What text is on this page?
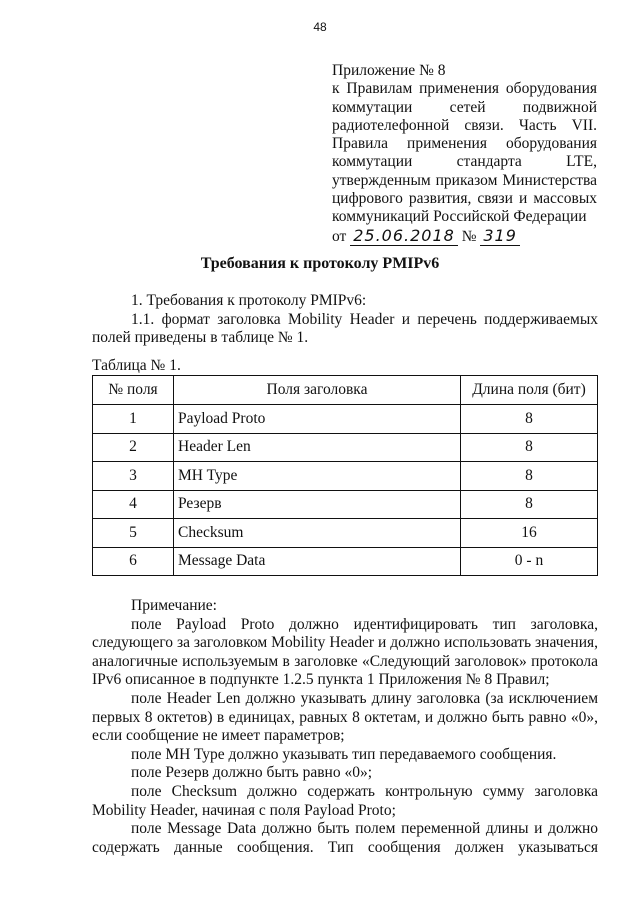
48
Приложение № 8
к Правилам применения оборудования
коммутации сетей подвижной
радиотелефонной связи. Часть VII.
Правила применения оборудования
коммутации стандарта LTE,
утвержденным приказом Министерства
цифрового развития, связи и массовых
коммуникаций Российской Федерации
от 25.06.2018 № 319
Требования к протоколу PMIPv6
1. Требования к протоколу PMIPv6:
1.1. формат заголовка Mobility Header и перечень поддерживаемых полей приведены в таблице № 1.
Таблица № 1.
№ поля	Поля заголовка	Длина поля (бит)
1	Payload Proto	8
2	Header Len	8
3	MH Type	8
4	Резерв	8
5	Checksum	16
6	Message Data	0 - n
Примечание:
поле Payload Proto должно идентифицировать тип заголовка, следующего за заголовком Mobility Header и должно использовать значения, аналогичные используемым в заголовке «Следующий заголовок» протокола IPv6 описанное в подпункте 1.2.5 пункта 1 Приложения № 8 Правил;
поле Header Len должно указывать длину заголовка (за исключением первых 8 октетов) в единицах, равных 8 октетам, и должно быть равно «0», если сообщение не имеет параметров;
поле MH Type должно указывать тип передаваемого сообщения.
поле Резерв должно быть равно «0»;
поле Checksum должно содержать контрольную сумму заголовка Mobility Header, начиная с поля Payload Proto;
поле Message Data должно быть полем переменной длины и должно содержать данные сообщения. Тип сообщения должен указываться
